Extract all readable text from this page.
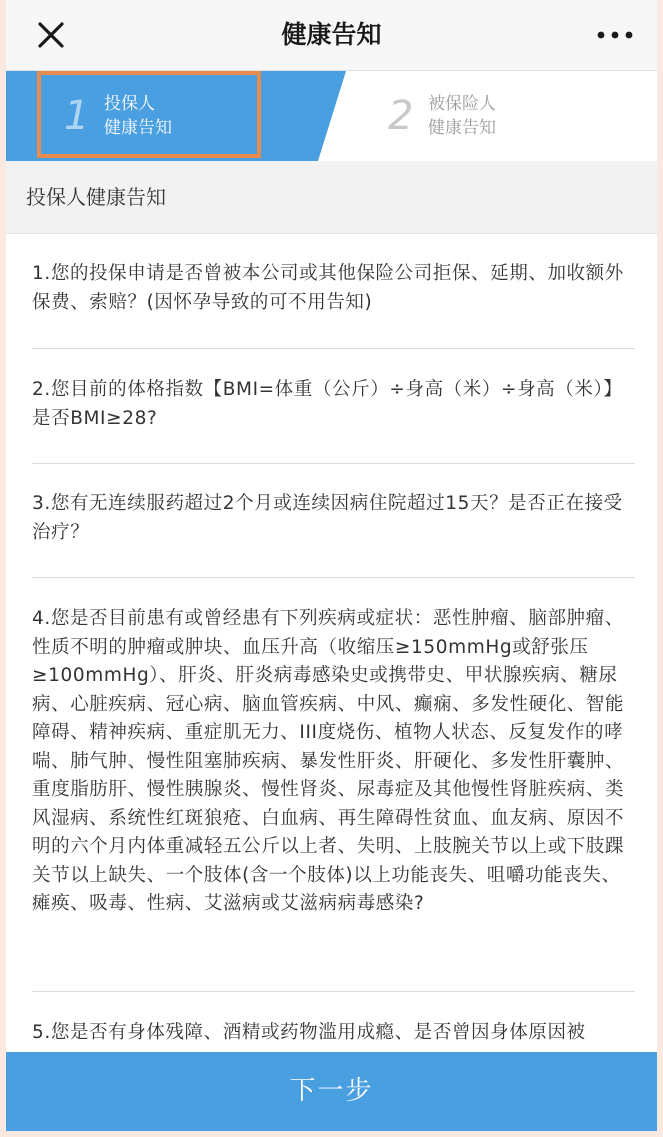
健康告知
1 投保人
健康告知	2 被保险人
健康告知
投保人健康告知

1.您的投保申请是否曾被本公司或其他保险公司拒保、延期、加收额外保费、索赔？(因怀孕导致的可不用告知)

2.您目前的体格指数【BMI=体重（公斤）÷身高（米）÷身高（米）】是否BMI≥28?

3.您有无连续服药超过2个月或连续因病住院超过15天？是否正在接受治疗？

4.您是否目前患有或曾经患有下列疾病或症状：恶性肿瘤、脑部肿瘤、性质不明的肿瘤或肿块、血压升高（收缩压≥150mmHg或舒张压≥100mmHg）、肝炎、肝炎病毒感染史或携带史、甲状腺疾病、糖尿病、心脏疾病、冠心病、脑血管疾病、中风、癫痫、多发性硬化、智能障碍、精神疾病、重症肌无力、III度烧伤、植物人状态、反复发作的哮喘、肺气肿、慢性阻塞肺疾病、暴发性肝炎、肝硬化、多发性肝囊肿、重度脂肪肝、慢性胰腺炎、慢性肾炎、尿毒症及其他慢性肾脏疾病、类风湿病、系统性红斑狼疮、白血病、再生障碍性贫血、血友病、原因不明的六个月内体重减轻五公斤以上者、失明、上肢腕关节以上或下肢踝关节以上缺失、一个肢体(含一个肢体)以上功能丧失、咀嚼功能丧失、瘫痪、吸毒、性病、艾滋病或艾滋病病毒感染?

5.您是否有身体残障、酒精或药物滥用成瘾、是否曾因身体原因被

下一步
